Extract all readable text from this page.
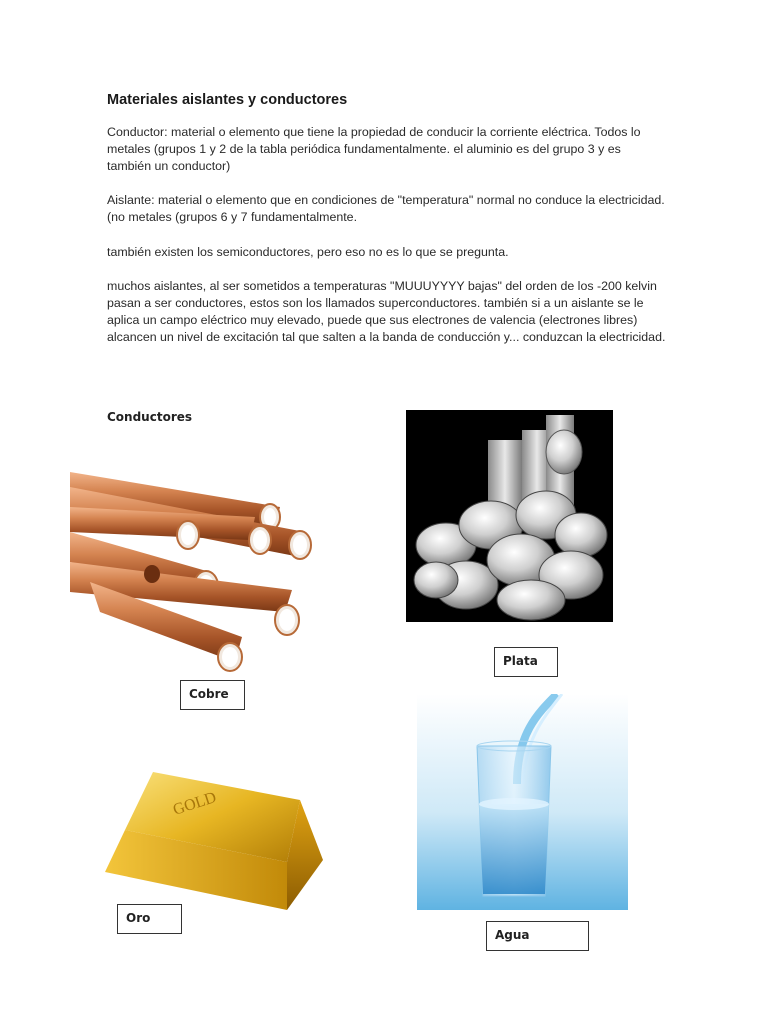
Materiales aislantes y conductores

Conductor: material o elemento que tiene la propiedad de conducir la corriente eléctrica. Todos lo metales (grupos 1 y 2 de la tabla periódica fundamentalmente. el aluminio es del grupo 3 y es también un conductor)

Aislante: material o elemento que en condiciones de "temperatura" normal no conduce la electricidad. (no metales (grupos 6 y 7 fundamentalmente.

también existen los semiconductores, pero eso no es lo que se pregunta.

muchos aislantes, al ser sometidos a temperaturas "MUUUYYYY bajas" del orden de los -200 kelvin pasan a ser conductores, estos son los llamados superconductores. también si a un aislante se le aplica un campo eléctrico muy elevado, puede que sus electrones de valencia (electrones libres) alcancen un nivel de excitación tal que salten a la banda de conducción y... conduzcan la electricidad.

Conductores
Cobre
Plata
GOLD
Oro
Agua
